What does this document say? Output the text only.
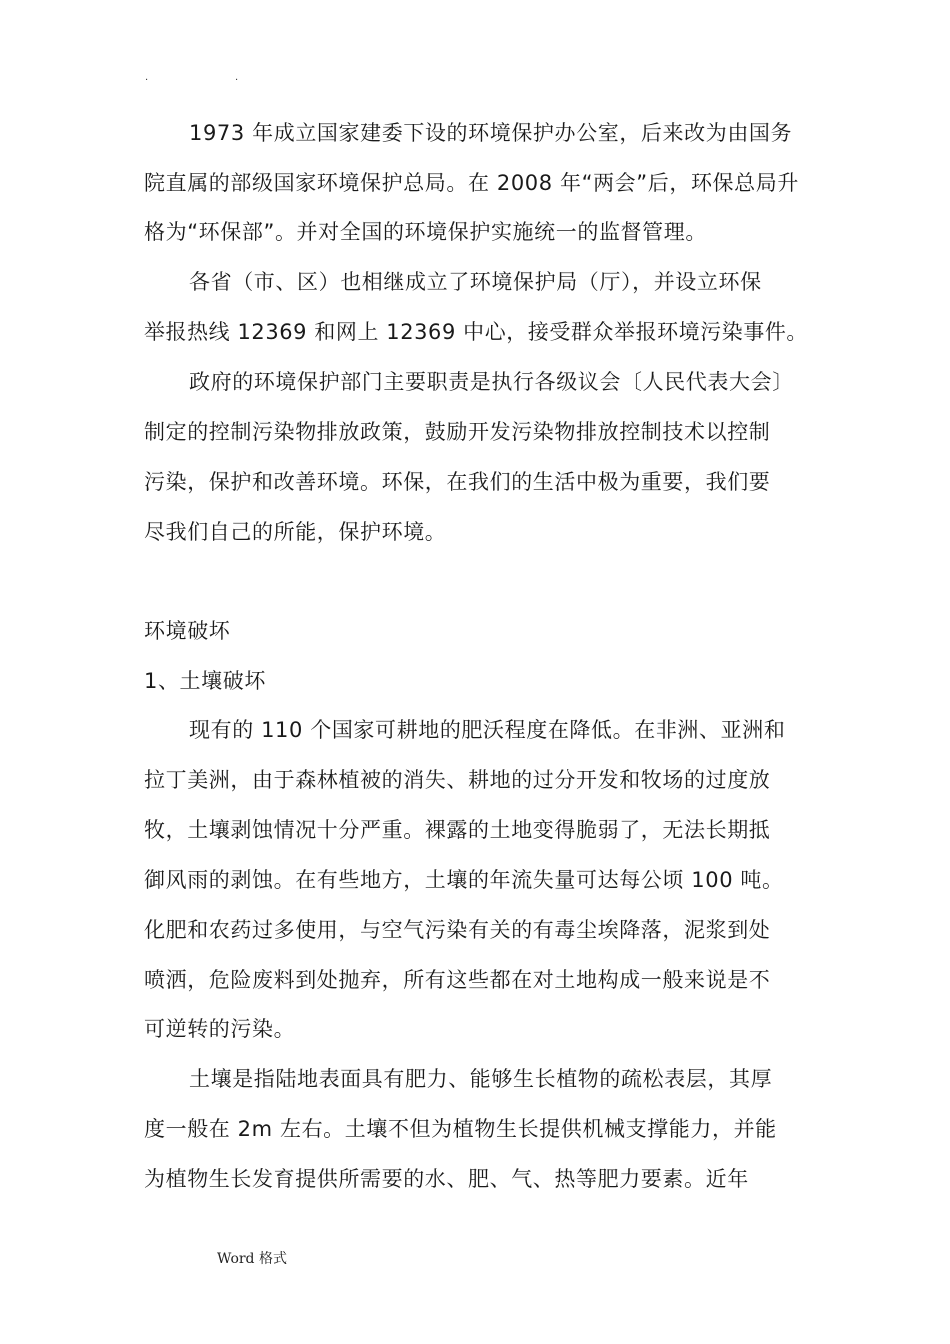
.	.
1973 年成立国家建委下设的环境保护办公室，后来改为由国务
院直属的部级国家环境保护总局。在 2008 年“两会”后，环保总局升
格为“环保部”。并对全国的环境保护实施统一的监督管理。
各省（市、区）也相继成立了环境保护局（厅），并设立环保
举报热线 12369 和网上 12369 中心，接受群众举报环境污染事件。
政府的环境保护部门主要职责是执行各级议会〔人民代表大会〕
制定的控制污染物排放政策，鼓励开发污染物排放控制技术以控制
污染，保护和改善环境。环保，在我们的生活中极为重要，我们要
尽我们自己的所能，保护环境。
环境破坏
1、土壤破坏
现有的 110 个国家可耕地的肥沃程度在降低。在非洲、亚洲和
拉丁美洲，由于森林植被的消失、耕地的过分开发和牧场的过度放
牧，土壤剥蚀情况十分严重。裸露的土地变得脆弱了，无法长期抵
御风雨的剥蚀。在有些地方，土壤的年流失量可达每公顷 100 吨。
化肥和农药过多使用，与空气污染有关的有毒尘埃降落，泥浆到处
喷洒，危险废料到处抛弃，所有这些都在对土地构成一般来说是不
可逆转的污染。
土壤是指陆地表面具有肥力、能够生长植物的疏松表层，其厚
度一般在 2m 左右。土壤不但为植物生长提供机械支撑能力，并能
为植物生长发育提供所需要的水、肥、气、热等肥力要素。近年
Word 格式
